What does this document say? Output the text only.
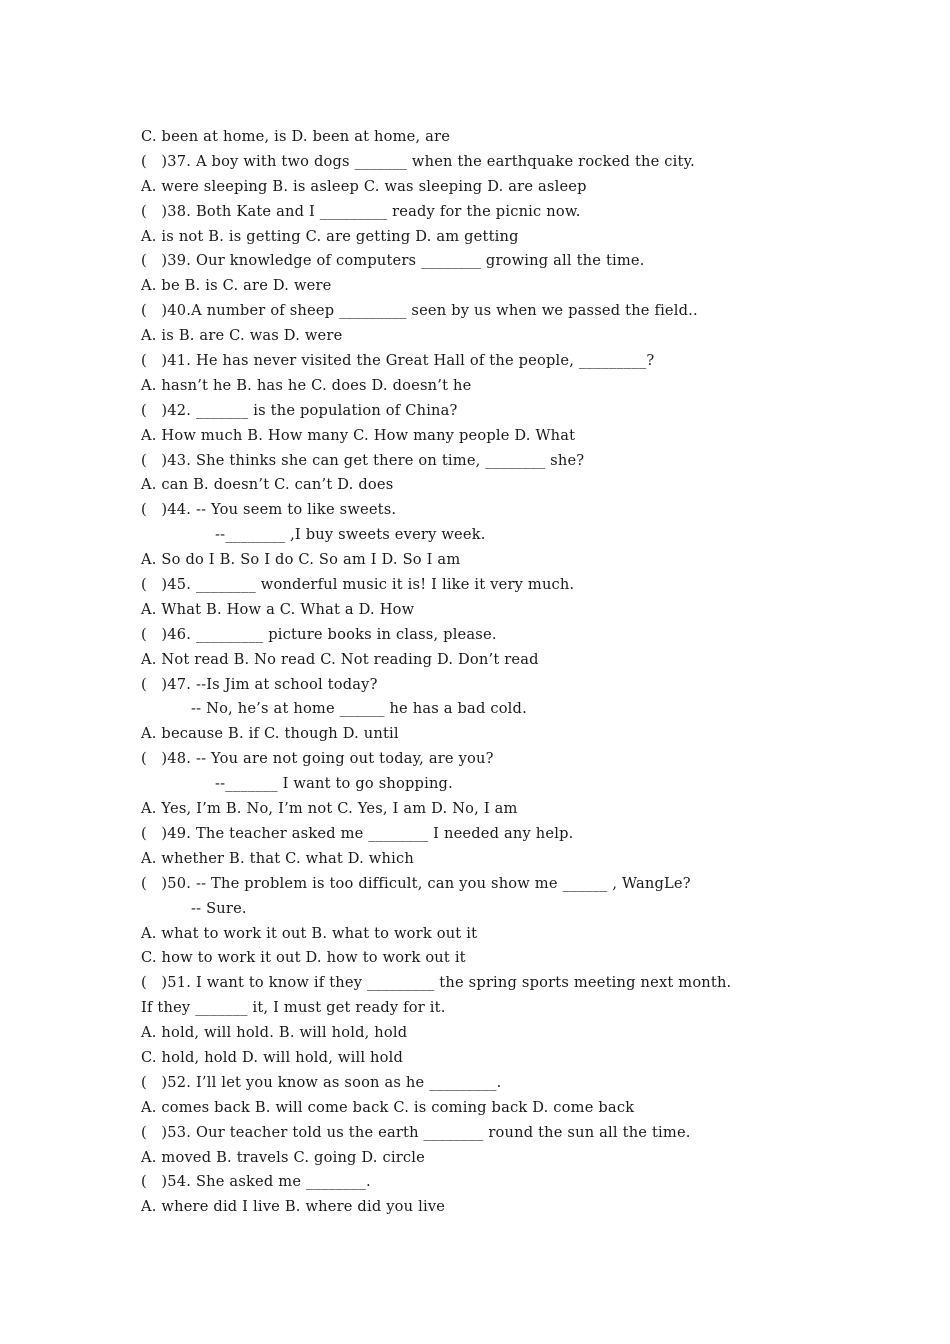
C. been at home, is D. been at home, are
(   )37. A boy with two dogs _______ when the earthquake rocked the city.
A. were sleeping B. is asleep C. was sleeping D. are asleep
(   )38. Both Kate and I _________ ready for the picnic now.
A. is not B. is getting C. are getting D. am getting
(   )39. Our knowledge of computers ________ growing all the time.
A. be B. is C. are D. were
(   )40.A number of sheep _________ seen by us when we passed the field..
A. is B. are C. was D. were
(   )41. He has never visited the Great Hall of the people, _________?
A. hasn’t he B. has he C. does D. doesn’t he
(   )42. _______ is the population of China?
A. How much B. How many C. How many people D. What
(   )43. She thinks she can get there on time, ________ she?
A. can B. doesn’t C. can’t D. does
(   )44. -- You seem to like sweets.
--________ ,I buy sweets every week.
A. So do I B. So I do C. So am I D. So I am
(   )45. ________ wonderful music it is! I like it very much.
A. What B. How a C. What a D. How
(   )46. _________ picture books in class, please.
A. Not read B. No read C. Not reading D. Don’t read
(   )47. --Is Jim at school today?
-- No, he’s at home ______ he has a bad cold.
A. because B. if C. though D. until
(   )48. -- You are not going out today, are you?
--_______ I want to go shopping.
A. Yes, I’m B. No, I’m not C. Yes, I am D. No, I am
(   )49. The teacher asked me ________ I needed any help.
A. whether B. that C. what D. which
(   )50. -- The problem is too difficult, can you show me ______ , WangLe?
-- Sure.
A. what to work it out B. what to work out it
C. how to work it out D. how to work out it
(   )51. I want to know if they _________ the spring sports meeting next month.
If they _______ it, I must get ready for it.
A. hold, will hold. B. will hold, hold
C. hold, hold D. will hold, will hold
(   )52. I’ll let you know as soon as he _________.
A. comes back B. will come back C. is coming back D. come back
(   )53. Our teacher told us the earth ________ round the sun all the time.
A. moved B. travels C. going D. circle
(   )54. She asked me ________.
A. where did I live B. where did you live
